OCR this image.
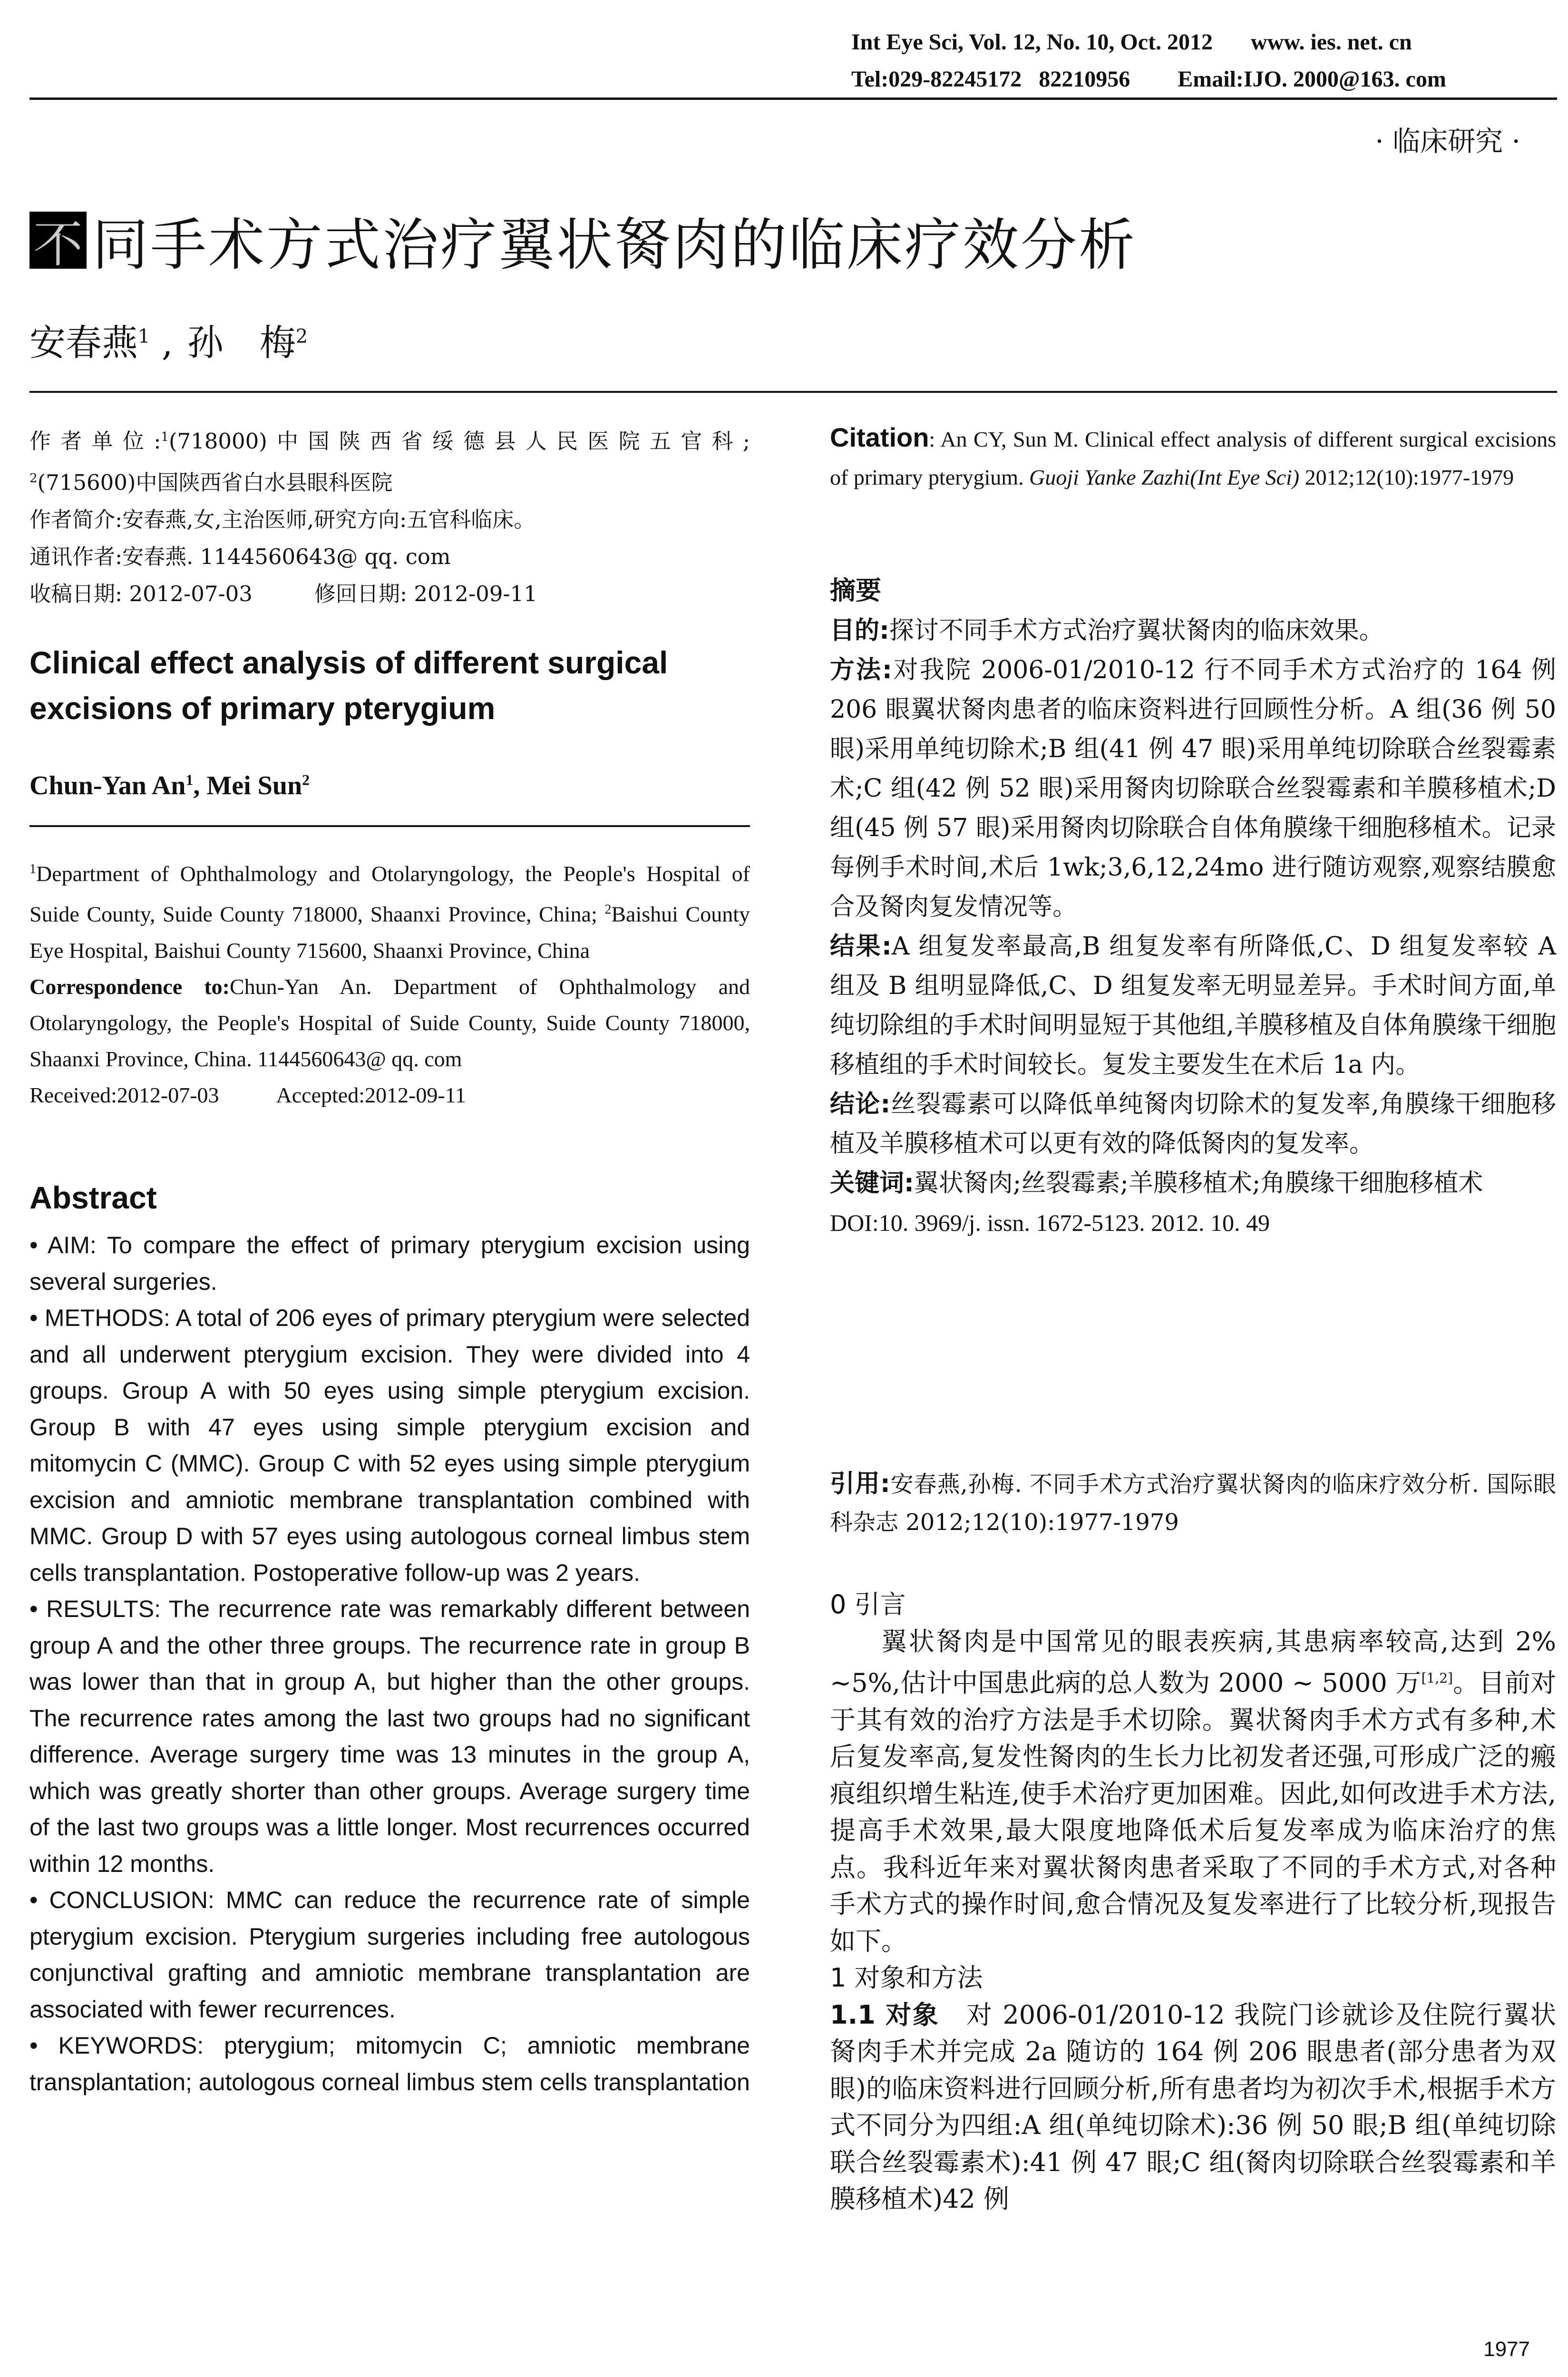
Int Eye Sci, Vol. 12, No. 10, Oct. 2012 www. ies. net. cn
Tel:029-82245172   82210956 Email:IJO. 2000@163. com
· 临床研究 ·
不 同手术方式治疗翼状胬肉的临床疗效分析
安春燕$^1$ , 孙　梅$^2$
作者单位:$^1$(718000)中国陕西省绥德县人民医院五官科;
$^2$(715600)中国陕西省白水县眼科医院
作者简介:安春燕,女,主治医师,研究方向:五官科临床。
通讯作者:安春燕. 1144560643@ qq. com
收稿日期: 2012-07-03	修回日期: 2012-09-11
Clinical effect analysis of different surgical excisions of primary pterygium
Chun-Yan An$^1$, Mei Sun$^2$
$^1$Department of Ophthalmology and Otolaryngology, the People's Hospital of Suide County, Suide County 718000, Shaanxi Province, China; $^2$Baishui County Eye Hospital, Baishui County 715600, Shaanxi Province, China
Correspondence to:Chun-Yan An. Department of Ophthalmology and Otolaryngology, the People's Hospital of Suide County, Suide County 718000, Shaanxi Province, China. 1144560643@ qq. com
Received:2012-07-03	Accepted:2012-09-11
Abstract

• AIM: To compare the effect of primary pterygium excision using several surgeries.

• METHODS: A total of 206 eyes of primary pterygium were selected and all underwent pterygium excision. They were divided into 4 groups. Group A with 50 eyes using simple pterygium excision. Group B with 47 eyes using simple pterygium excision and mitomycin C (MMC). Group C with 52 eyes using simple pterygium excision and amniotic membrane transplantation combined with MMC. Group D with 57 eyes using autologous corneal limbus stem cells transplantation. Postoperative follow-up was 2 years.

• RESULTS: The recurrence rate was remarkably different between group A and the other three groups. The recurrence rate in group B was lower than that in group A, but higher than the other groups. The recurrence rates among the last two groups had no significant difference. Average surgery time was 13 minutes in the group A, which was greatly shorter than other groups. Average surgery time of the last two groups was a little longer. Most recurrences occurred within 12 months.

• CONCLUSION: MMC can reduce the recurrence rate of simple pterygium excision. Pterygium surgeries including free autologous conjunctival grafting and amniotic membrane transplantation are associated with fewer recurrences.

• KEYWORDS: pterygium; mitomycin C; amniotic membrane transplantation; autologous corneal limbus stem cells transplantation

Citation: An CY, Sun M. Clinical effect analysis of different surgical excisions of primary pterygium. Guoji Yanke Zazhi(Int Eye Sci) 2012;12(10):1977-1979
摘要

目的:探讨不同手术方式治疗翼状胬肉的临床效果。

方法:对我院 2006-01/2010-12 行不同手术方式治疗的 164 例 206 眼翼状胬肉患者的临床资料进行回顾性分析。A 组(36 例 50 眼)采用单纯切除术;B 组(41 例 47 眼)采用单纯切除联合丝裂霉素术;C 组(42 例 52 眼)采用胬肉切除联合丝裂霉素和羊膜移植术;D 组(45 例 57 眼)采用胬肉切除联合自体角膜缘干细胞移植术。记录每例手术时间,术后 1wk;3,6,12,24mo 进行随访观察,观察结膜愈合及胬肉复发情况等。

结果:A 组复发率最高,B 组复发率有所降低,C、D 组复发率较 A 组及 B 组明显降低,C、D 组复发率无明显差异。手术时间方面,单纯切除组的手术时间明显短于其他组,羊膜移植及自体角膜缘干细胞移植组的手术时间较长。复发主要发生在术后 1a 内。

结论:丝裂霉素可以降低单纯胬肉切除术的复发率,角膜缘干细胞移植及羊膜移植术可以更有效的降低胬肉的复发率。

关键词:翼状胬肉;丝裂霉素;羊膜移植术;角膜缘干细胞移植术

DOI:10. 3969/j. issn. 1672-5123. 2012. 10. 49

引用:安春燕,孙梅. 不同手术方式治疗翼状胬肉的临床疗效分析. 国际眼科杂志 2012;12(10):1977-1979

0 引言

翼状胬肉是中国常见的眼表疾病,其患病率较高,达到 2% ~5%,估计中国患此病的总人数为 2000 ~ 5000 万[1,2]。目前对于其有效的治疗方法是手术切除。翼状胬肉手术方式有多种,术后复发率高,复发性胬肉的生长力比初发者还强,可形成广泛的瘢痕组织增生粘连,使手术治疗更加困难。因此,如何改进手术方法,提高手术效果,最大限度地降低术后复发率成为临床治疗的焦点。我科近年来对翼状胬肉患者采取了不同的手术方式,对各种手术方式的操作时间,愈合情况及复发率进行了比较分析,现报告如下。

1 对象和方法

1.1 对象　对 2006-01/2010-12 我院门诊就诊及住院行翼状胬肉手术并完成 2a 随访的 164 例 206 眼患者(部分患者为双眼)的临床资料进行回顾分析,所有患者均为初次手术,根据手术方式不同分为四组:A 组(单纯切除术):36 例 50 眼;B 组(单纯切除联合丝裂霉素术):41 例 47 眼;C 组(胬肉切除联合丝裂霉素和羊膜移植术)42 例

1977
